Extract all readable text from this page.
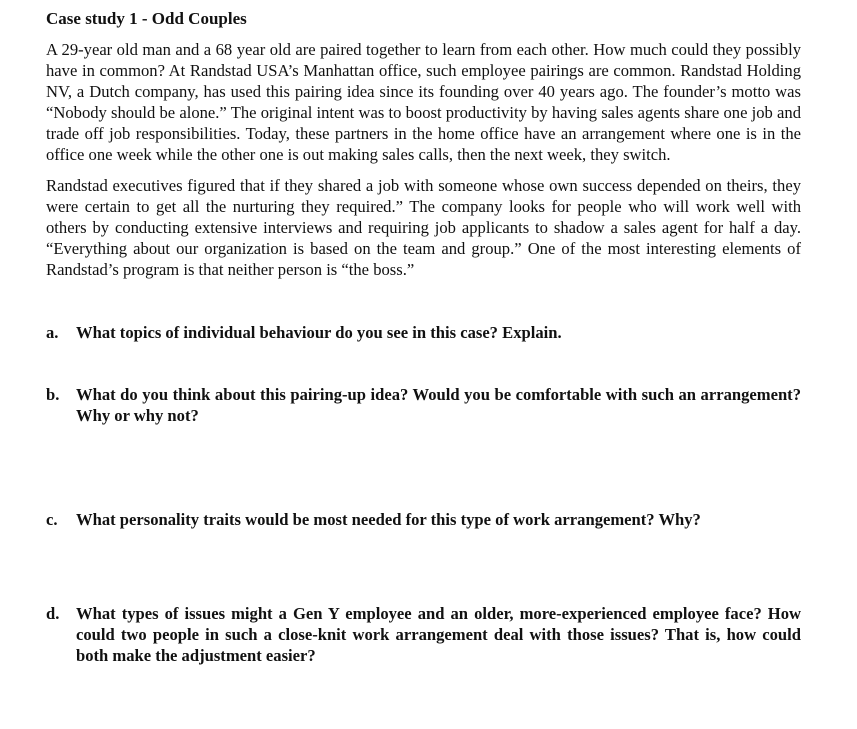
Case study 1 - Odd Couples

A 29-year old man and a 68 year old are paired together to learn from each other. How much could they possibly have in common? At Randstad USA’s Manhattan office, such employee pairings are common. Randstad Holding NV, a Dutch company, has used this pairing idea since its founding over 40 years ago. The founder’s motto was “Nobody should be alone.” The original intent was to boost productivity by having sales agents share one job and trade off job responsibilities. Today, these partners in the home office have an arrangement where one is in the office one week while the other one is out making sales calls, then the next week, they switch.

Randstad executives figured that if they shared a job with someone whose own success depended on theirs, they were certain to get all the nurturing they required.” The company looks for people who will work well with others by conducting extensive interviews and requiring job applicants to shadow a sales agent for half a day. “Everything about our organization is based on the team and group.” One of the most interesting elements of Randstad’s program is that neither person is “the boss.”

a.	What topics of individual behaviour do you see in this case? Explain.
b.	What do you think about this pairing-up idea? Would you be comfortable with such an arrangement? Why or why not?
c.	What personality traits would be most needed for this type of work arrangement? Why?
d.	What types of issues might a Gen Y employee and an older, more-experienced employee face? How could two people in such a close-knit work arrangement deal with those issues? That is, how could both make the adjustment easier?
